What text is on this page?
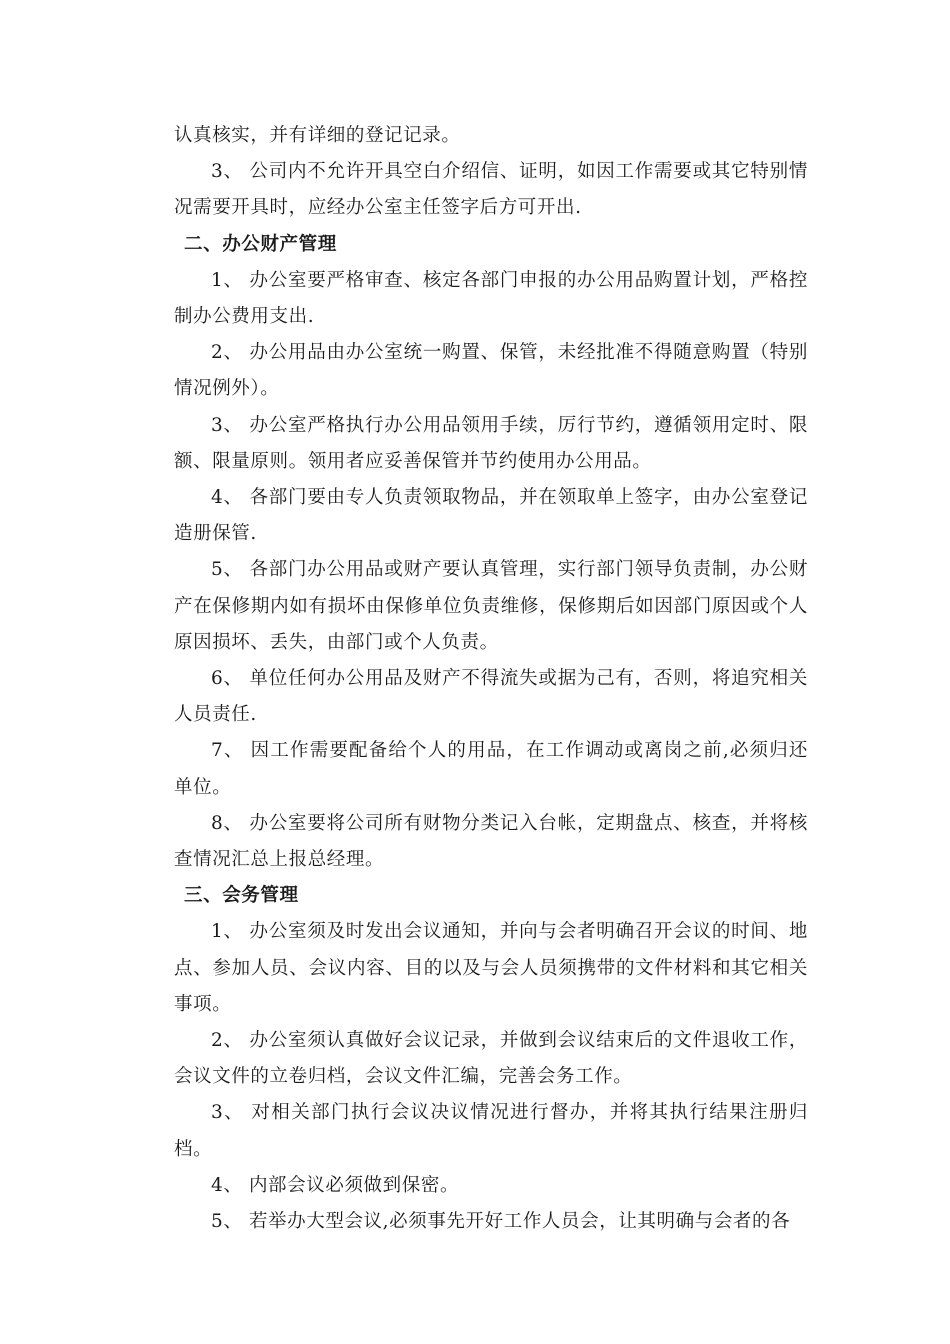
认真核实，并有详细的登记记录。

3、 公司内不允许开具空白介绍信、证明，如因工作需要或其它特别情况需要开具时，应经办公室主任签字后方可开出.

二、办公财产管理

1、 办公室要严格审查、核定各部门申报的办公用品购置计划，严格控制办公费用支出.

2、 办公用品由办公室统一购置、保管，未经批准不得随意购置（特别情况例外）。

3、 办公室严格执行办公用品领用手续，厉行节约，遵循领用定时、限额、限量原则。领用者应妥善保管并节约使用办公用品。

4、 各部门要由专人负责领取物品，并在领取单上签字，由办公室登记造册保管.

5、 各部门办公用品或财产要认真管理，实行部门领导负责制，办公财产在保修期内如有损坏由保修单位负责维修，保修期后如因部门原因或个人原因损坏、丢失，由部门或个人负责。

6、 单位任何办公用品及财产不得流失或据为己有，否则，将追究相关人员责任.

7、 因工作需要配备给个人的用品，在工作调动或离岗之前,必须归还单位。

8、 办公室要将公司所有财物分类记入台帐，定期盘点、核查，并将核查情况汇总上报总经理。

三、会务管理

1、 办公室须及时发出会议通知，并向与会者明确召开会议的时间、地点、参加人员、会议内容、目的以及与会人员须携带的文件材料和其它相关事项。

2、 办公室须认真做好会议记录，并做到会议结束后的文件退收工作，会议文件的立卷归档，会议文件汇编，完善会务工作。

3、 对相关部门执行会议决议情况进行督办，并将其执行结果注册归档。

4、 内部会议必须做到保密。

5、 若举办大型会议,必须事先开好工作人员会，让其明确与会者的各
